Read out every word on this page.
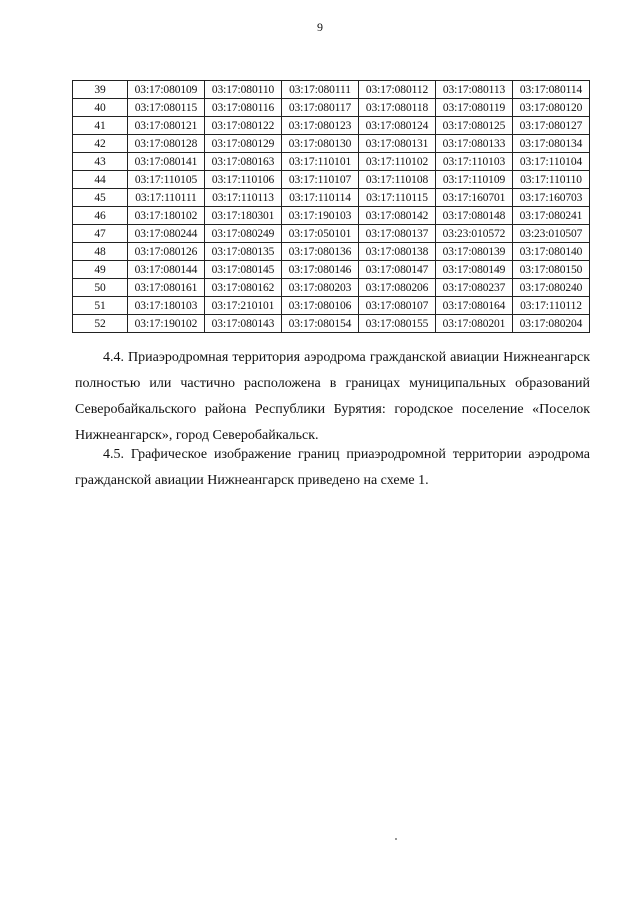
9
39	03:17:080109	03:17:080110	03:17:080111	03:17:080112	03:17:080113	03:17:080114
40	03:17:080115	03:17:080116	03:17:080117	03:17:080118	03:17:080119	03:17:080120
41	03:17:080121	03:17:080122	03:17:080123	03:17:080124	03:17:080125	03:17:080127
42	03:17:080128	03:17:080129	03:17:080130	03:17:080131	03:17:080133	03:17:080134
43	03:17:080141	03:17:080163	03:17:110101	03:17:110102	03:17:110103	03:17:110104
44	03:17:110105	03:17:110106	03:17:110107	03:17:110108	03:17:110109	03:17:110110
45	03:17:110111	03:17:110113	03:17:110114	03:17:110115	03:17:160701	03:17:160703
46	03:17:180102	03:17:180301	03:17:190103	03:17:080142	03:17:080148	03:17:080241
47	03:17:080244	03:17:080249	03:17:050101	03:17:080137	03:23:010572	03:23:010507
48	03:17:080126	03:17:080135	03:17:080136	03:17:080138	03:17:080139	03:17:080140
49	03:17:080144	03:17:080145	03:17:080146	03:17:080147	03:17:080149	03:17:080150
50	03:17:080161	03:17:080162	03:17:080203	03:17:080206	03:17:080237	03:17:080240
51	03:17:180103	03:17:210101	03:17:080106	03:17:080107	03:17:080164	03:17:110112
52	03:17:190102	03:17:080143	03:17:080154	03:17:080155	03:17:080201	03:17:080204
4.4. Приаэродромная территория аэродрома гражданской авиации Нижнеангарск полностью или частично расположена в границах муниципальных образований Северобайкальского района Республики Бурятия: городское поселение «Поселок Нижнеангарск», город Северобайкальск.
4.5. Графическое изображение границ приаэродромной территории аэродрома гражданской авиации Нижнеангарск приведено на схеме 1.
